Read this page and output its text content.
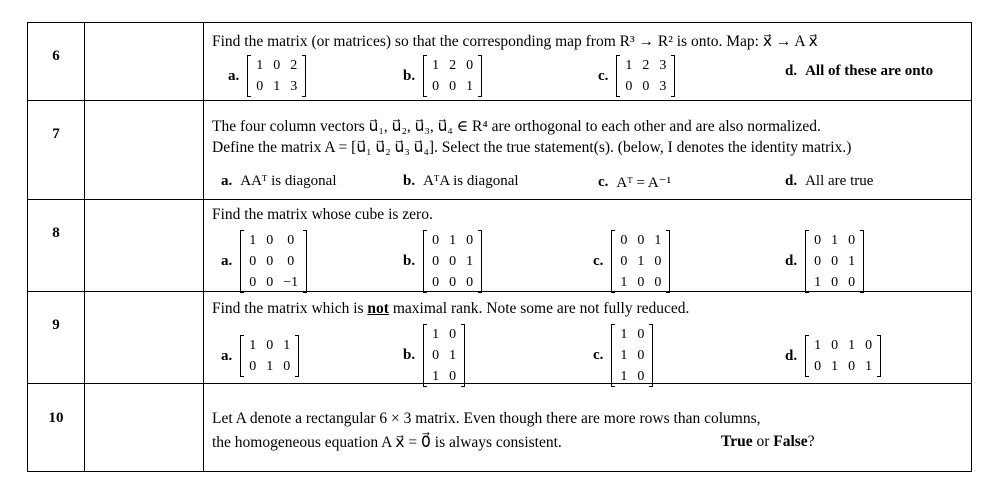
6
Find the matrix (or matrices) so that the corresponding map from R³ → R² is onto. Map: x⃗ → A x⃗
a.
1	0	2
0	1	3
b.
1	2	0
0	0	1
c.
1	2	3
0	0	3
d. All of these are onto
7	The four column vectors u⃗₁, u⃗₂, u⃗₃, u⃗₄ ∈ R⁴ are orthogonal to each other and are also normalized.
Define the matrix A = [u⃗₁ u⃗₂ u⃗₃ u⃗₄]. Select the true statement(s). (below, I denotes the identity matrix.)
a. AAᵀ is diagonal	b. AᵀA is diagonal	c. Aᵀ = A⁻¹	d. All are true
8
Find the matrix whose cube is zero.
a.
1	0	0
0	0	0
0	0	−1
b.
0	1	0
0	0	1
0	0	0
c.
0	0	1
0	1	0
1	0	0
d.
0	1	0
0	0	1
1	0	0
9
Find the matrix which is not maximal rank. Note some are not fully reduced.
a.
1	0	1
0	1	0
b.
1	0
0	1
1	0
c.
1	0
1	0
1	0
d.
1	0	1	0
0	1	0	1
10	Let A denote a rectangular 6 × 3 matrix. Even though there are more rows than columns,
the homogeneous equation A x⃗ = 0⃗ is always consistent.	True
or
False ?
